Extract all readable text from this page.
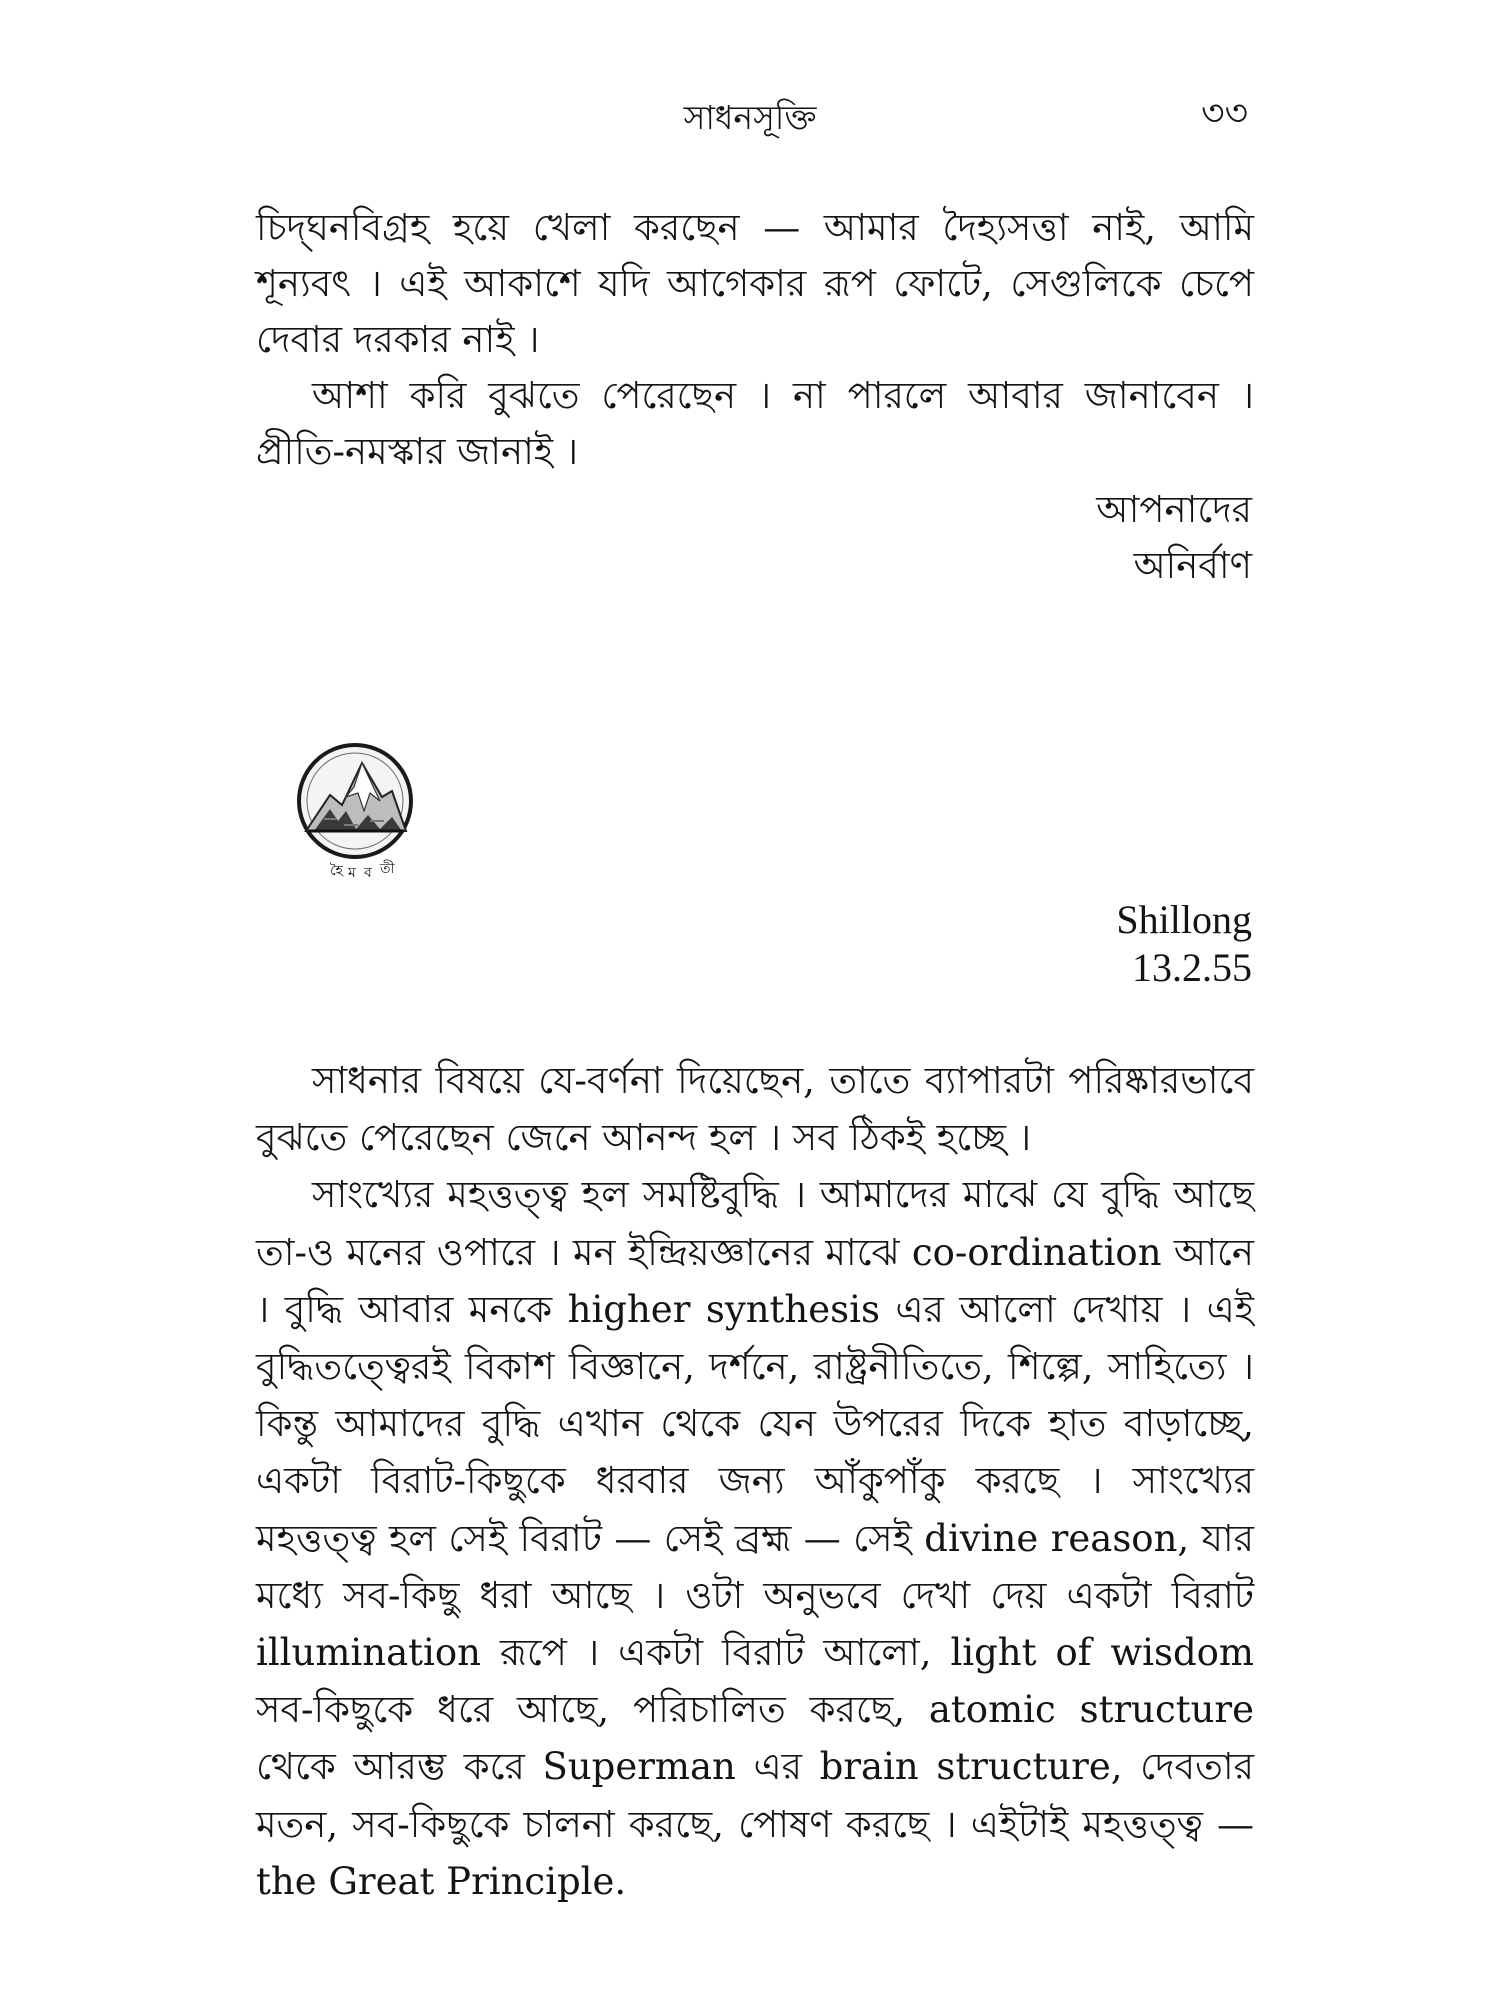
সাধনসূক্তি	৩৩

চিদ্‌ঘনবিগ্রহ হয়ে খেলা করছেন — আমার দৈহ্যসত্তা নাই, আমি শূন্যবৎ । এই আকাশে যদি আগেকার রূপ ফোটে, সেগুলিকে চেপে দেবার দরকার নাই ।

আশা করি বুঝতে পেরেছেন । না পারলে আবার জানাবেন । প্রীতি-নমস্কার জানাই ।

আপনাদের
অনির্বাণ
হৈ ম ব তী
Shillong
13.2.55

সাধনার বিষয়ে যে-বর্ণনা দিয়েছেন, তাতে ব্যাপারটা পরিষ্কারভাবে বুঝতে পেরেছেন জেনে আনন্দ হল । সব ঠিকই হচ্ছে ।

সাংখ্যের মহত্তত্ত্ব হল সমষ্টিবুদ্ধি । আমাদের মাঝে যে বুদ্ধি আছে তা-ও মনের ওপারে । মন ইন্দ্রিয়জ্ঞানের মাঝে co-ordination আনে । বুদ্ধি আবার মনকে higher synthesis এর আলো দেখায় । এই বুদ্ধিতত্ত্বেরই বিকাশ বিজ্ঞানে, দর্শনে, রাষ্ট্রনীতিতে, শিল্পে, সাহিত্যে । কিন্তু আমাদের বুদ্ধি এখান থেকে যেন উপরের দিকে হাত বাড়াচ্ছে, একটা বিরাট-কিছুকে ধরবার জন্য আঁকুপাঁকু করছে । সাংখ্যের মহত্তত্ত্ব হল সেই বিরাট — সেই ব্রহ্ম — সেই divine reason, যার মধ্যে সব-কিছু ধরা আছে । ওটা অনুভবে দেখা দেয় একটা বিরাট illumination রূপে । একটা বিরাট আলো, light of wisdom সব-কিছুকে ধরে আছে, পরিচালিত করছে, atomic structure থেকে আরম্ভ করে Superman এর brain structure, দেবতার মতন, সব-কিছুকে চালনা করছে, পোষণ করছে । এইটাই মহত্তত্ত্ব — the Great Principle.
